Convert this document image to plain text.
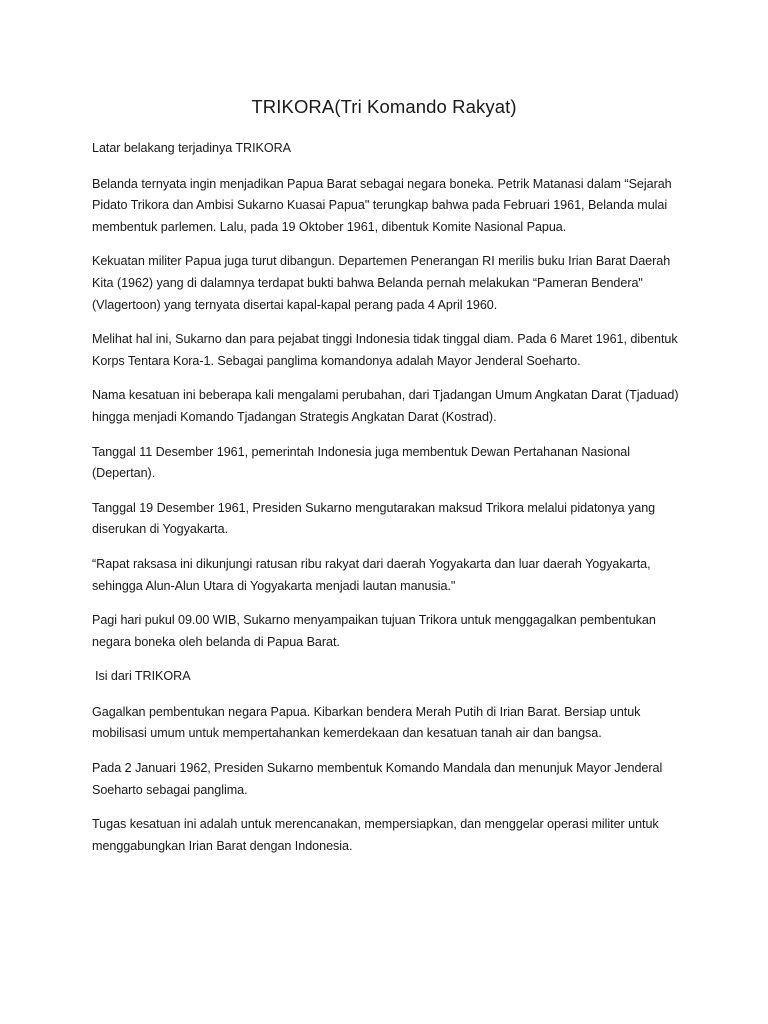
TRIKORA(Tri Komando Rakyat)

Latar belakang terjadinya TRIKORA

Belanda ternyata ingin menjadikan Papua Barat sebagai negara boneka. Petrik Matanasi dalam “Sejarah Pidato Trikora dan Ambisi Sukarno Kuasai Papua" terungkap bahwa pada Februari 1961, Belanda mulai membentuk parlemen. Lalu, pada 19 Oktober 1961, dibentuk Komite Nasional Papua.

Kekuatan militer Papua juga turut dibangun. Departemen Penerangan RI merilis buku Irian Barat Daerah Kita (1962) yang di dalamnya terdapat bukti bahwa Belanda pernah melakukan “Pameran Bendera" (Vlagertoon) yang ternyata disertai kapal-kapal perang pada 4 April 1960.

Melihat hal ini, Sukarno dan para pejabat tinggi Indonesia tidak tinggal diam. Pada 6 Maret 1961, dibentuk Korps Tentara Kora-1. Sebagai panglima komandonya adalah Mayor Jenderal Soeharto.

Nama kesatuan ini beberapa kali mengalami perubahan, dari Tjadangan Umum Angkatan Darat (Tjaduad) hingga menjadi Komando Tjadangan Strategis Angkatan Darat (Kostrad).

Tanggal 11 Desember 1961, pemerintah Indonesia juga membentuk Dewan Pertahanan Nasional (Depertan).

Tanggal 19 Desember 1961, Presiden Sukarno mengutarakan maksud Trikora melalui pidatonya yang diserukan di Yogyakarta.

“Rapat raksasa ini dikunjungi ratusan ribu rakyat dari daerah Yogyakarta dan luar daerah Yogyakarta, sehingga Alun-Alun Utara di Yogyakarta menjadi lautan manusia."

Pagi hari pukul 09.00 WIB, Sukarno menyampaikan tujuan Trikora untuk menggagalkan pembentukan negara boneka oleh belanda di Papua Barat.

Isi dari TRIKORA

Gagalkan pembentukan negara Papua. Kibarkan bendera Merah Putih di Irian Barat. Bersiap untuk mobilisasi umum untuk mempertahankan kemerdekaan dan kesatuan tanah air dan bangsa.

Pada 2 Januari 1962, Presiden Sukarno membentuk Komando Mandala dan menunjuk Mayor Jenderal Soeharto sebagai panglima.

Tugas kesatuan ini adalah untuk merencanakan, mempersiapkan, dan menggelar operasi militer untuk menggabungkan Irian Barat dengan Indonesia.
